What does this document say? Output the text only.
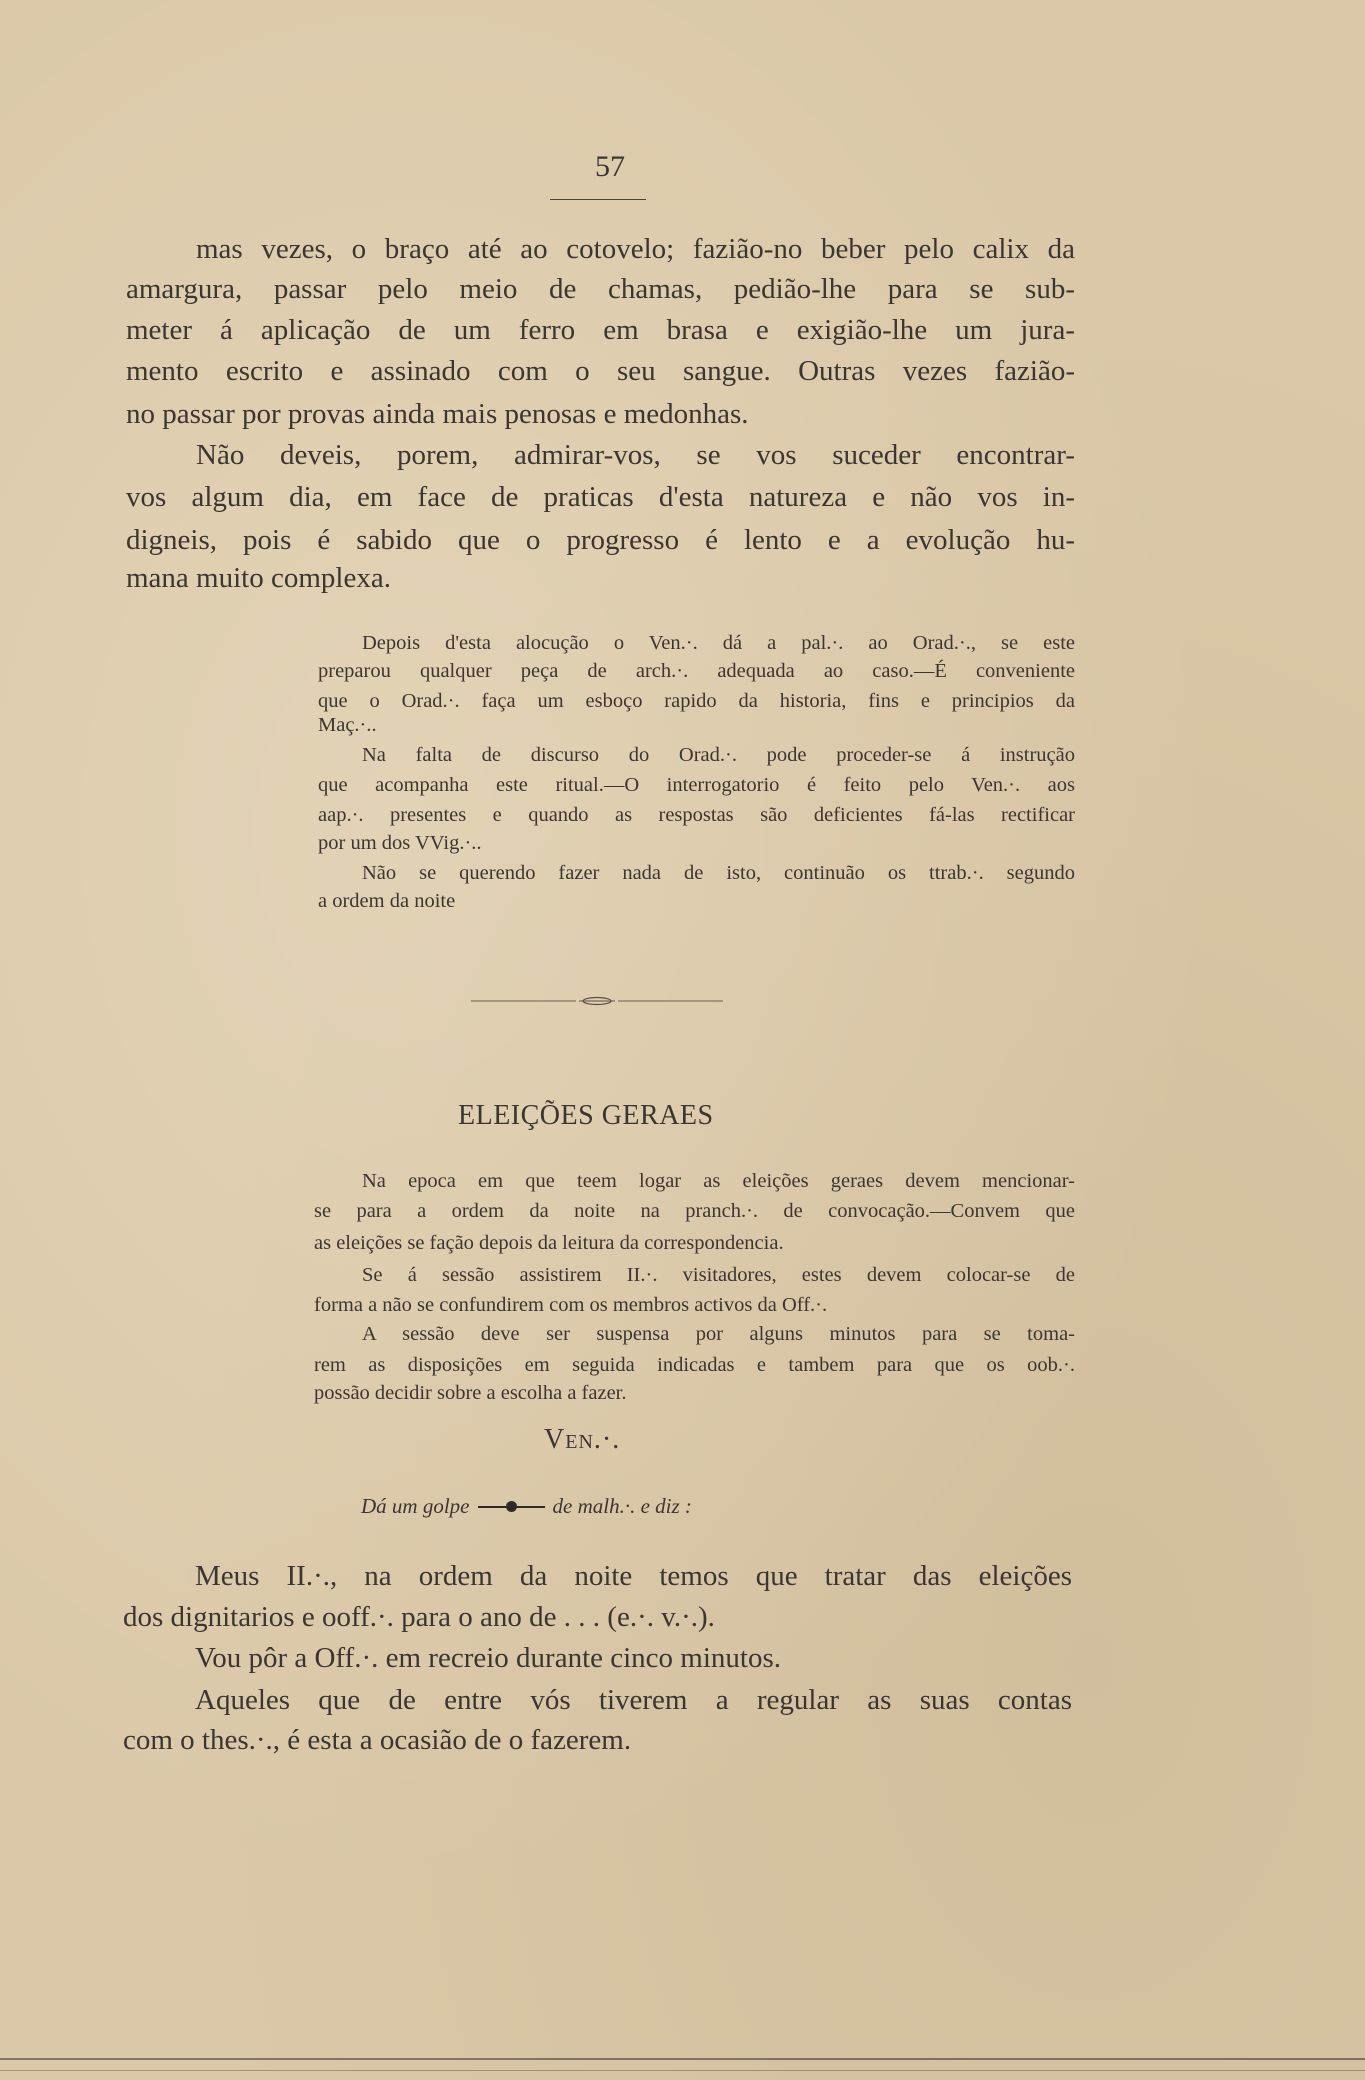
57
mas vezes, o braço até ao cotovelo; fazião-no beber pelo calix da
amargura, passar pelo meio de chamas, pedião-lhe para se sub-
meter á aplicação de um ferro em brasa e exigião-lhe um jura-
mento escrito e assinado com o seu sangue. Outras vezes fazião-
no passar por provas ainda mais penosas e medonhas.
Não deveis, porem, admirar-vos, se vos suceder encontrar-
vos algum dia, em face de praticas d'esta natureza e não vos in-
digneis, pois é sabido que o progresso é lento e a evolução hu-
mana muito complexa.
Depois d'esta alocução o Ven.·. dá a pal.·. ao Orad.·., se este
preparou qualquer peça de arch.·. adequada ao caso.—É conveniente
que o Orad.·. faça um esboço rapido da historia, fins e principios da
Maç.·..
Na falta de discurso do Orad.·. pode proceder-se á instrução
que acompanha este ritual.—O interrogatorio é feito pelo Ven.·. aos
aap.·. presentes e quando as respostas são deficientes fá-las rectificar
por um dos VVig.·..
Não se querendo fazer nada de isto, continuão os ttrab.·. segundo
a ordem da noite
ELEIÇÕES GERAES
Na epoca em que teem logar as eleições geraes devem mencionar-
se para a ordem da noite na pranch.·. de convocação.—Convem que
as eleições se fação depois da leitura da correspondencia.
Se á sessão assistirem II.·. visitadores, estes devem colocar-se de
forma a não se confundirem com os membros activos da Off.·.
A sessão deve ser suspensa por alguns minutos para se toma-
rem as disposições em seguida indicadas e tambem para que os oob.·.
possão decidir sobre a escolha a fazer.
Ven.·.
Dá um golpe	de malh.·. e diz :
Meus II.·., na ordem da noite temos que tratar das eleições
dos dignitarios e ooff.·. para o ano de . . . (e.·. v.·.).
Vou pôr a Off.·. em recreio durante cinco minutos.
Aqueles que de entre vós tiverem a regular as suas contas
com o thes.·., é esta a ocasião de o fazerem.
